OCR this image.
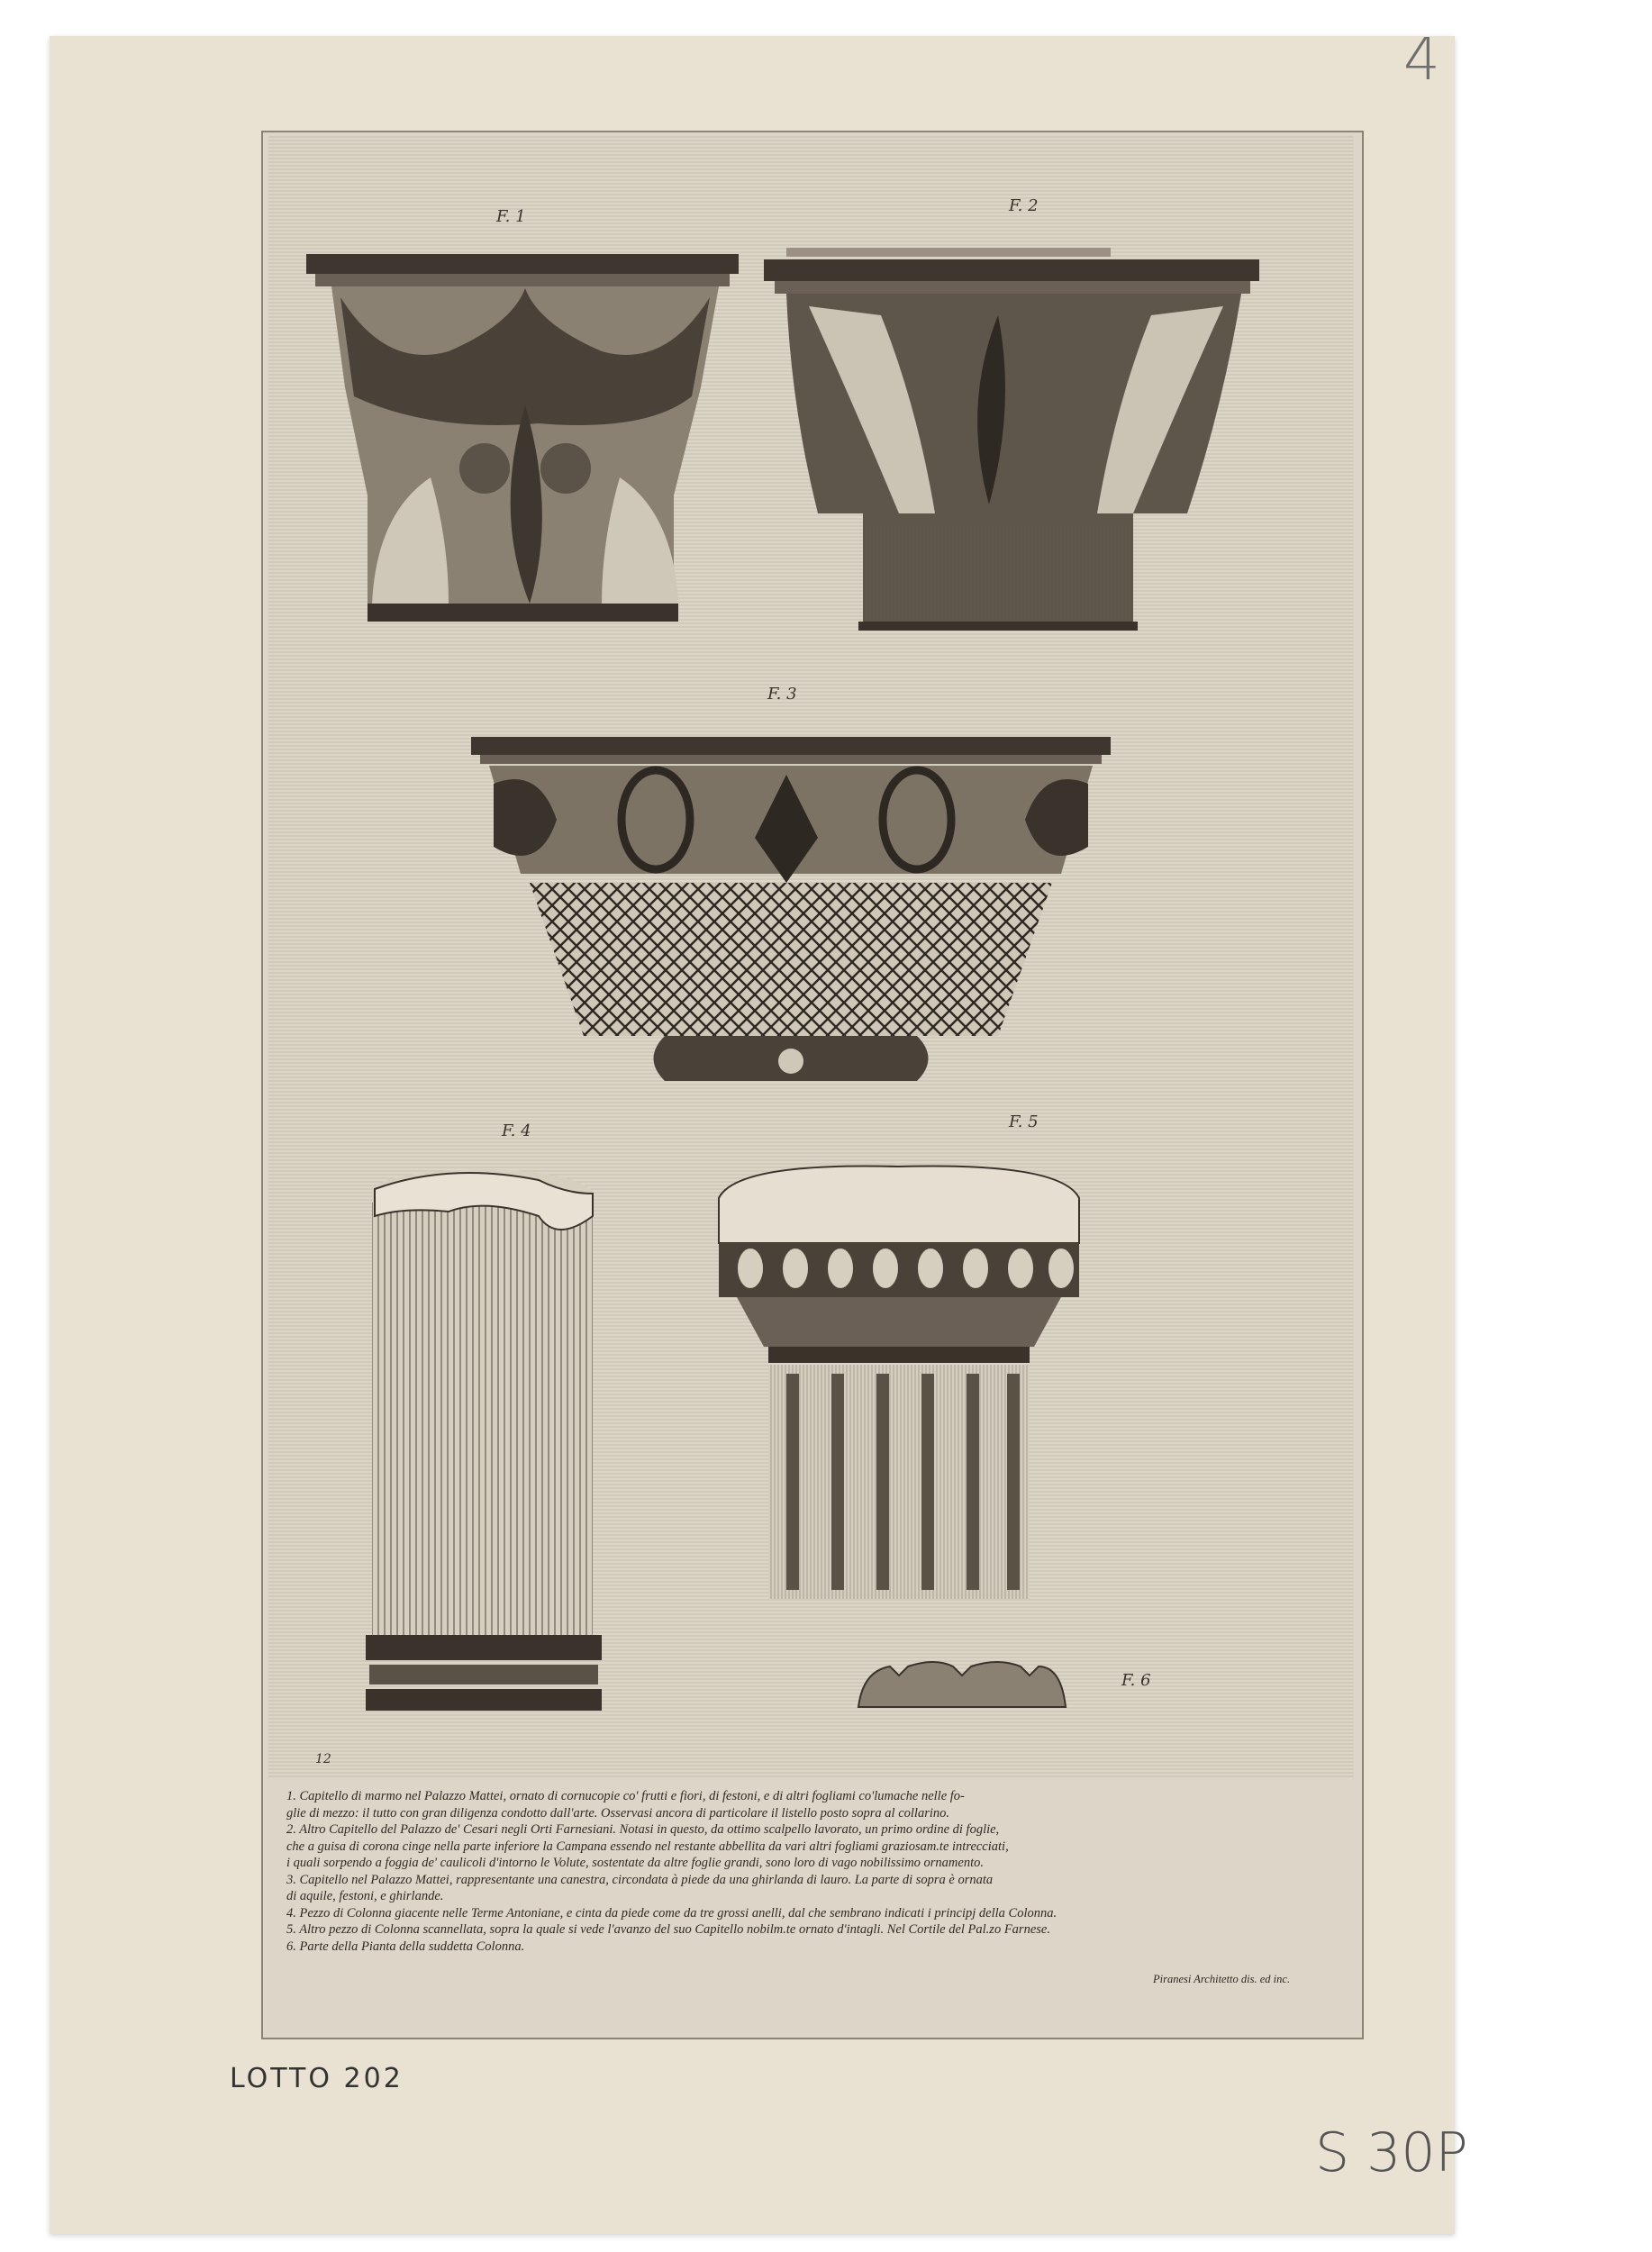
F. 1
F. 2
F. 3
F. 4	F. 5
F. 6
12
1. Capitello di marmo nel Palazzo Mattei, ornato di cornucopie co' frutti e fiori, di festoni, e di altri fogliami co'lumache nelle fo-
glie di mezzo: il tutto con gran diligenza condotto dall'arte. Osservasi ancora di particolare il listello posto sopra al collarino.
2. Altro Capitello del Palazzo de' Cesari negli Orti Farnesiani. Notasi in questo, da ottimo scalpello lavorato, un primo ordine di foglie,
che a guisa di corona cinge nella parte inferiore la Campana essendo nel restante abbellita da vari altri fogliami graziosam.te intrecciati,
i quali sorpendo a foggia de' caulicoli d'intorno le Volute, sostentate da altre foglie grandi, sono loro di vago nobilissimo ornamento.
3. Capitello nel Palazzo Mattei, rappresentante una canestra, circondata à piede da una ghirlanda di lauro. La parte di sopra è ornata
di aquile, festoni, e ghirlande.
4. Pezzo di Colonna giacente nelle Terme Antoniane, e cinta da piede come da tre grossi anelli, dal che sembrano indicati i principj della Colonna.
5. Altro pezzo di Colonna scannellata, sopra la quale si vede l'avanzo del suo Capitello nobilm.te ornato d'intagli. Nel Cortile del Pal.zo Farnese.
6. Parte della Pianta della suddetta Colonna.
Piranesi Architetto dis. ed inc.
4
LOTTO 202
S 30P
